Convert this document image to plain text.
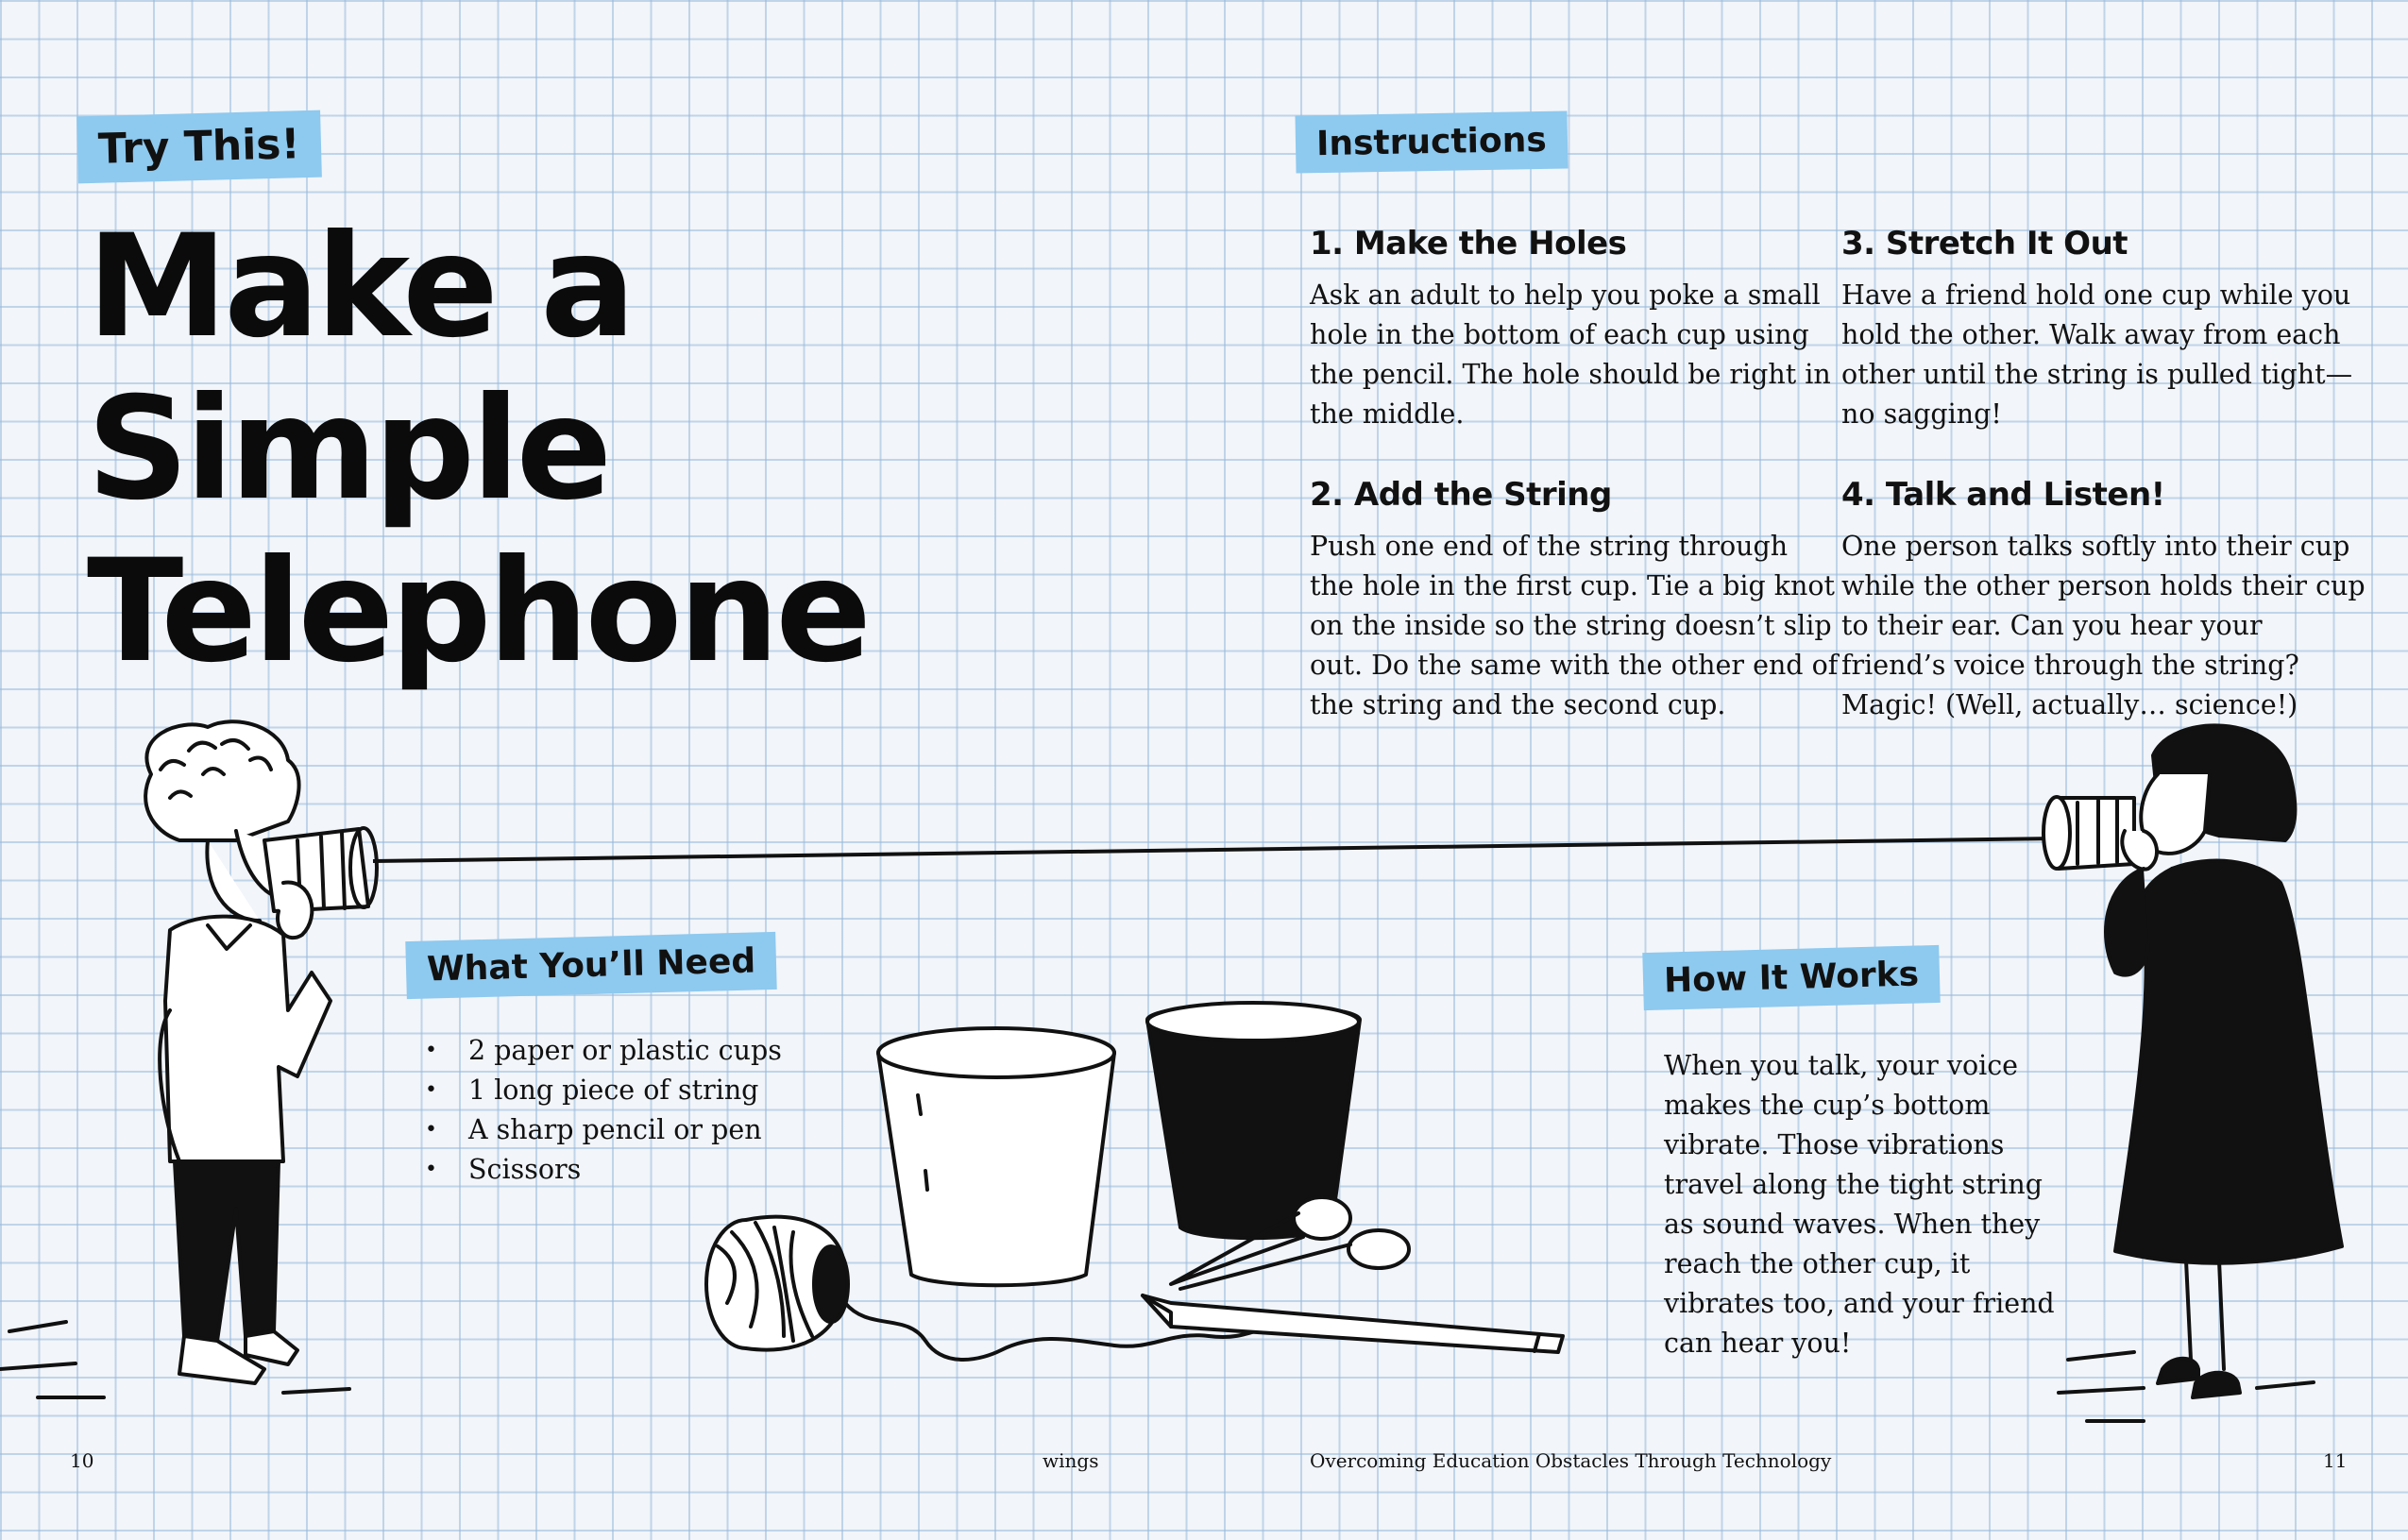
Try This!	Instructions
What You’ll Need	How It Works
Make a
Simple
Telephone
1. Make the Holes

Ask an adult to help you poke a small hole in the bottom of each cup using the pencil. The hole should be right in the middle.

2. Add the String

Push one end of the string through the hole in the first cup. Tie a big knot on the inside so the string doesn’t slip out. Do the same with the other end of the string and the second cup.

3. Stretch It Out

Have a friend hold one cup while you hold the other. Walk away from each other until the string is pulled tight—no sagging!

4. Talk and Listen!

One person talks softly into their cup while the other person holds their cup to their ear. Can you hear your friend’s voice through the string? Magic! (Well, actually… science!)

• 2 paper or plastic cups
• 1 long piece of string
• A sharp pencil or pen
• Scissors

When you talk, your voice makes the cup’s bottom vibrate. Those vibrations travel along the tight string as sound waves. When they reach the other cup, it vibrates too, and your friend can hear you!

10	wings	Overcoming Education Obstacles Through Technology	11
